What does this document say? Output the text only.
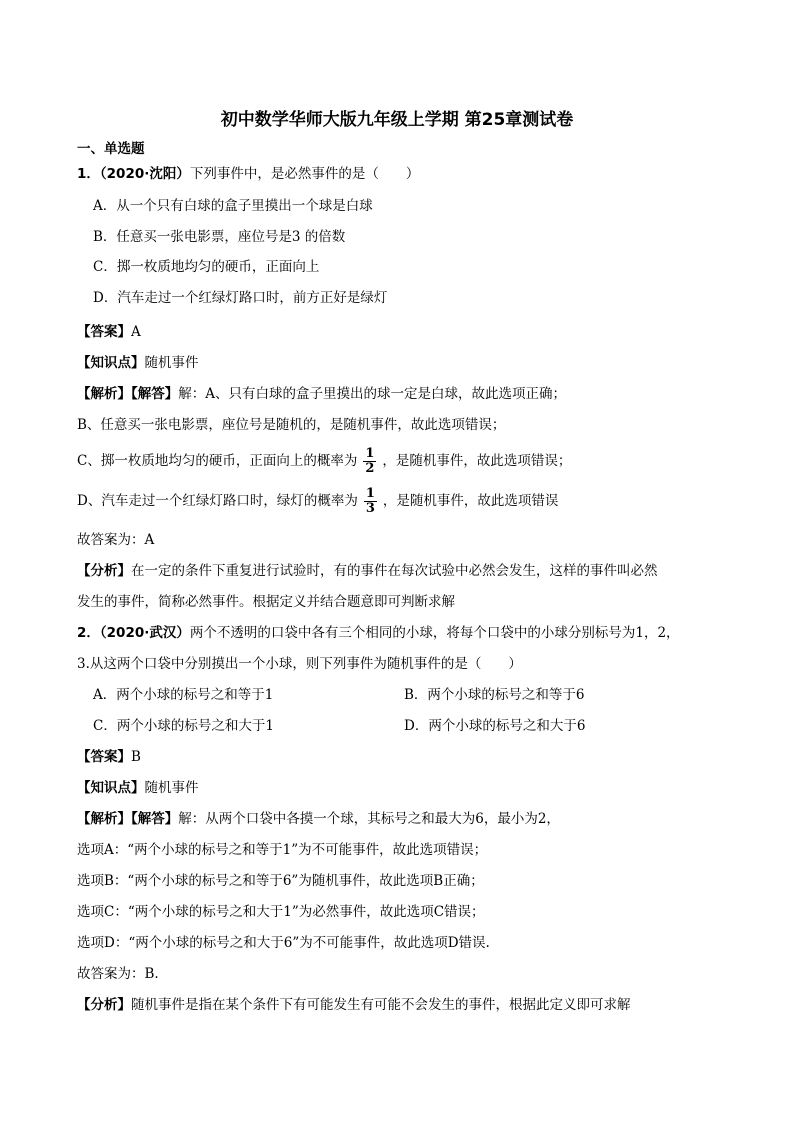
初中数学华师大版九年级上学期 第25章测试卷
一、单选题
1．（2020·沈阳）下列事件中，是必然事件的是（　　）
A．从一个只有白球的盒子里摸出一个球是白球
B．任意买一张电影票，座位号是3 的倍数
C．掷一枚质地均匀的硬币，正面向上
D．汽车走过一个红绿灯路口时，前方正好是绿灯
【答案】A
【知识点】随机事件
【解析】【解答】解：A、只有白球的盒子里摸出的球一定是白球，故此选项正确；
B、任意买一张电影票，座位号是随机的，是随机事件，故此选项错误；
C、掷一枚质地均匀的硬币，正面向上的概率为 $\frac{1}{2}$ ，是随机事件，故此选项错误；
D、汽车走过一个红绿灯路口时，绿灯的概率为 $\frac{1}{3}$ ，是随机事件，故此选项错误
故答案为：A
【分析】在一定的条件下重复进行试验时，有的事件在每次试验中必然会发生，这样的事件叫必然
发生的事件，简称必然事件。根据定义并结合题意即可判断求解
2．（2020·武汉）两个不透明的口袋中各有三个相同的小球，将每个口袋中的小球分别标号为1，2，
3.从这两个口袋中分别摸出一个小球，则下列事件为随机事件的是（　　）
A．两个小球的标号之和等于1	B．两个小球的标号之和等于6
C．两个小球的标号之和大于1	D．两个小球的标号之和大于6
【答案】B
【知识点】随机事件
【解析】【解答】解：从两个口袋中各摸一个球，其标号之和最大为6，最小为2，
选项A：“两个小球的标号之和等于1”为不可能事件，故此选项错误；
选项B：“两个小球的标号之和等于6”为随机事件，故此选项B正确；
选项C：“两个小球的标号之和大于1”为必然事件，故此选项C错误；
选项D：“两个小球的标号之和大于6”为不可能事件，故此选项D错误.
故答案为：B.
【分析】随机事件是指在某个条件下有可能发生有可能不会发生的事件，根据此定义即可求解
